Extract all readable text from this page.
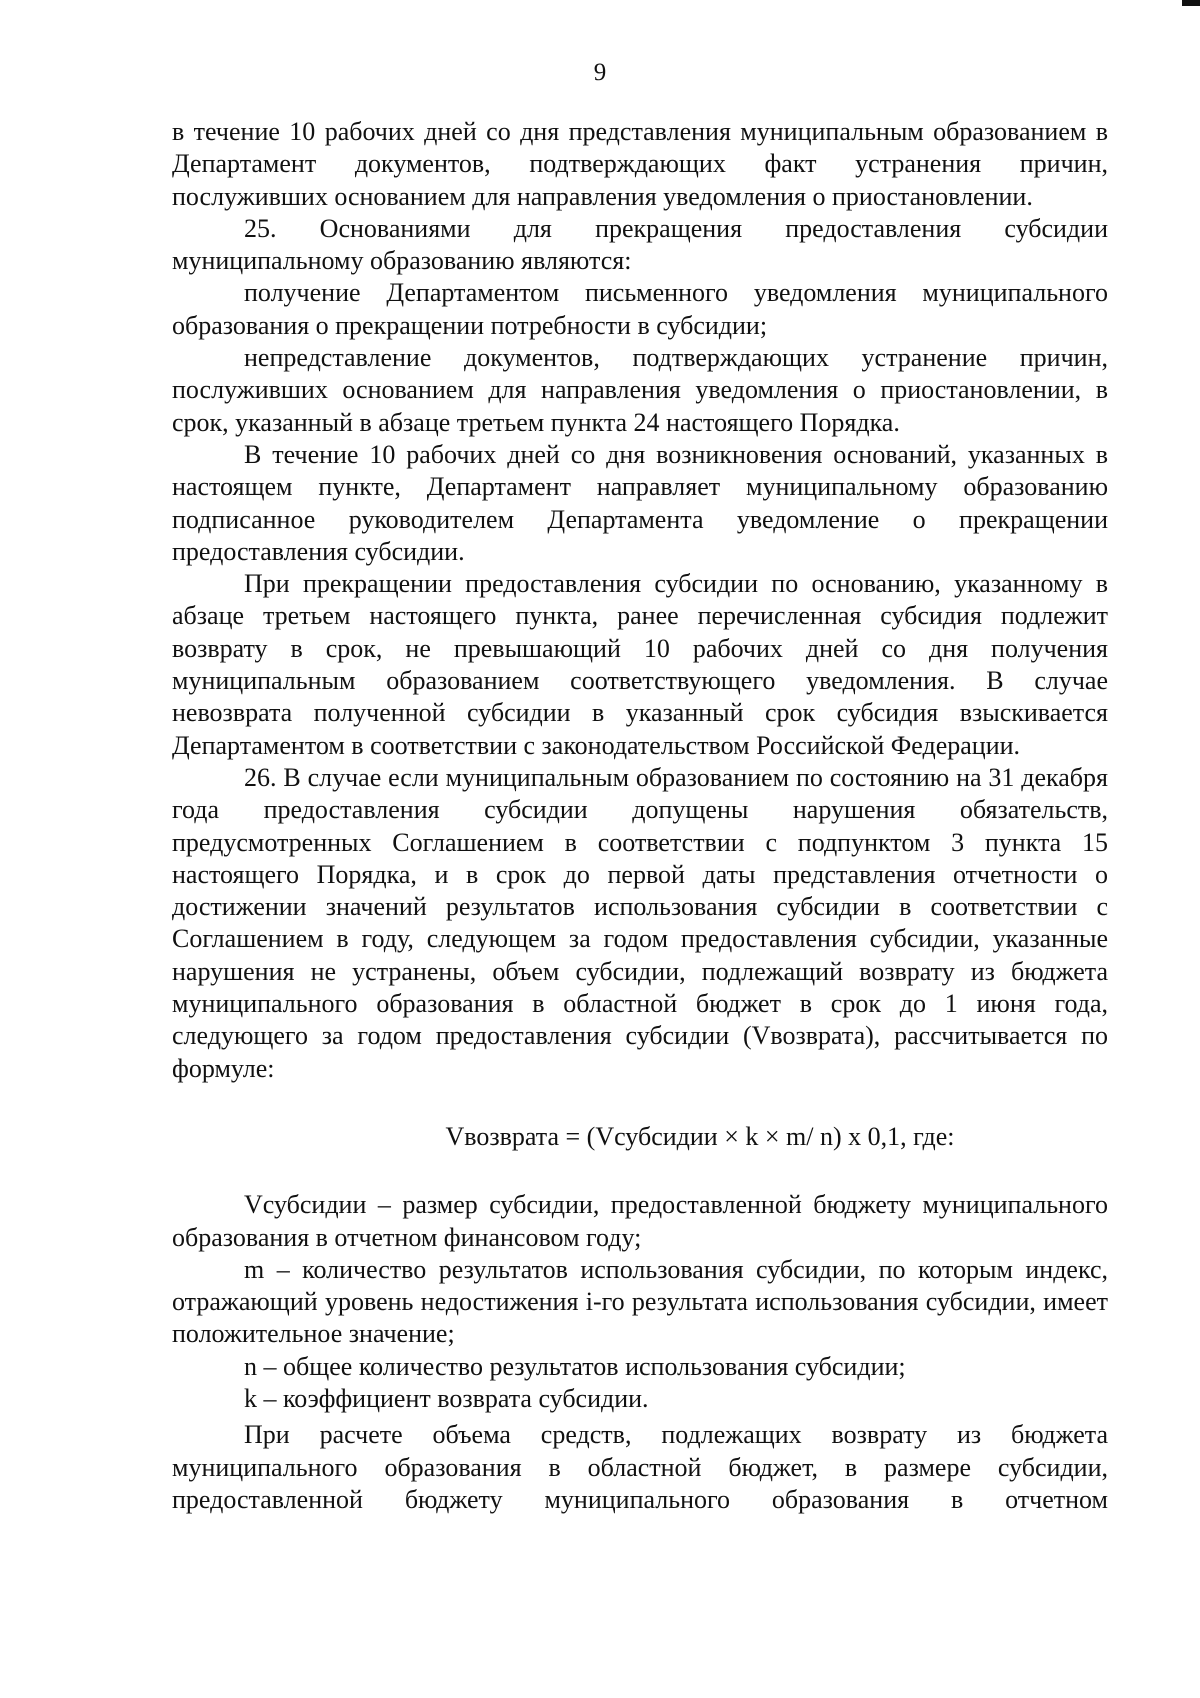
9

в течение 10 рабочих дней со дня представления муниципальным образованием в Департамент документов, подтверждающих факт устранения причин, послуживших основанием для направления уведомления о приостановлении.

25. Основаниями для прекращения предоставления субсидии муниципальному образованию являются:

получение Департаментом письменного уведомления муниципального образования о прекращении потребности в субсидии;

непредставление документов, подтверждающих устранение причин, послуживших основанием для направления уведомления о приостановлении, в срок, указанный в абзаце третьем пункта 24 настоящего Порядка.

В течение 10 рабочих дней со дня возникновения оснований, указанных в настоящем пункте, Департамент направляет муниципальному образованию подписанное руководителем Департамента уведомление о прекращении предоставления субсидии.

При прекращении предоставления субсидии по основанию, указанному в абзаце третьем настоящего пункта, ранее перечисленная субсидия подлежит возврату в срок, не превышающий 10 рабочих дней со дня получения муниципальным образованием соответствующего уведомления. В случае невозврата полученной субсидии в указанный срок субсидия взыскивается Департаментом в соответствии с законодательством Российской Федерации.

26. В случае если муниципальным образованием по состоянию на 31 декабря года предоставления субсидии допущены нарушения обязательств, предусмотренных Соглашением в соответствии с подпунктом 3 пункта 15 настоящего Порядка, и в срок до первой даты представления отчетности о достижении значений результатов использования субсидии в соответствии с Соглашением в году, следующем за годом предоставления субсидии, указанные нарушения не устранены, объем субсидии, подлежащий возврату из бюджета муниципального образования в областной бюджет в срок до 1 июня года, следующего за годом предоставления субсидии (Vвозврата), рассчитывается по формуле:

Vвозврата = (Vсубсидии × k × m/ n) x 0,1, где:

Vсубсидии – размер субсидии, предоставленной бюджету муниципального образования в отчетном финансовом году;

m – количество результатов использования субсидии, по которым индекс, отражающий уровень недостижения i-го результата использования субсидии, имеет положительное значение;

n – общее количество результатов использования субсидии;

k – коэффициент возврата субсидии.

При расчете объема средств, подлежащих возврату из бюджета муниципального образования в областной бюджет, в размере субсидии, предоставленной бюджету муниципального образования в отчетном
